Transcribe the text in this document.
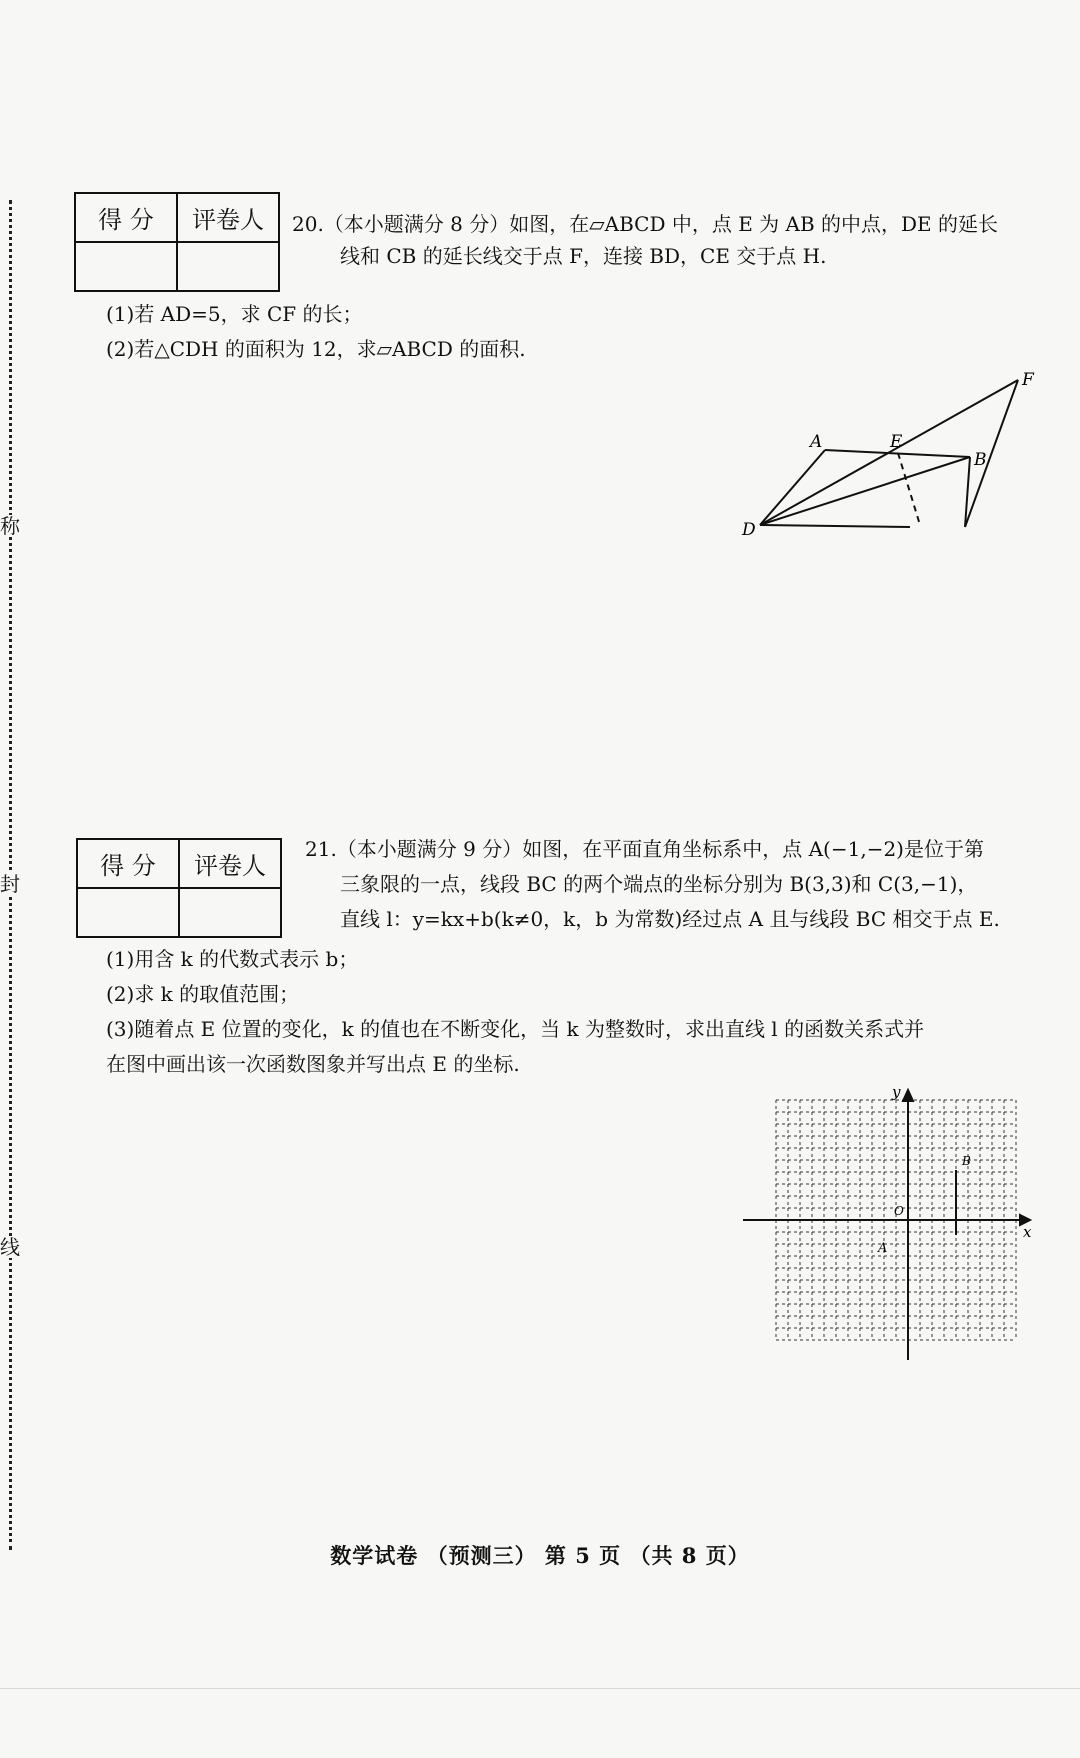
称
封
线
得 分	评卷人
	20.（本小题满分 8 分）如图，在▱ABCD 中，点 E 为 AB 的中点，DE 的延长
线和 CB 的延长线交于点 F，连接 BD，CE 交于点 H.
(1)若 AD=5，求 CF 的长；
(2)若△CDH 的面积为 12，求▱ABCD 的面积.
A	E
B
F
D
得 分	评卷人

21.（本小题满分 9 分）如图，在平面直角坐标系中，点 A(−1,−2)是位于第
三象限的一点，线段 BC 的两个端点的坐标分别为 B(3,3)和 C(3,−1)，
直线 l：y=kx+b(k≠0，k，b 为常数)经过点 A 且与线段 BC 相交于点 E.
(1)用含 k 的代数式表示 b；
(2)求 k 的取值范围；
(3)随着点 E 位置的变化，k 的值也在不断变化，当 k 为整数时，求出直线 l 的函数关系式并
在图中画出该一次函数图象并写出点 E 的坐标.
x
y
O
B
A
数学试卷 （预测三） 第 5 页 （共 8 页）
